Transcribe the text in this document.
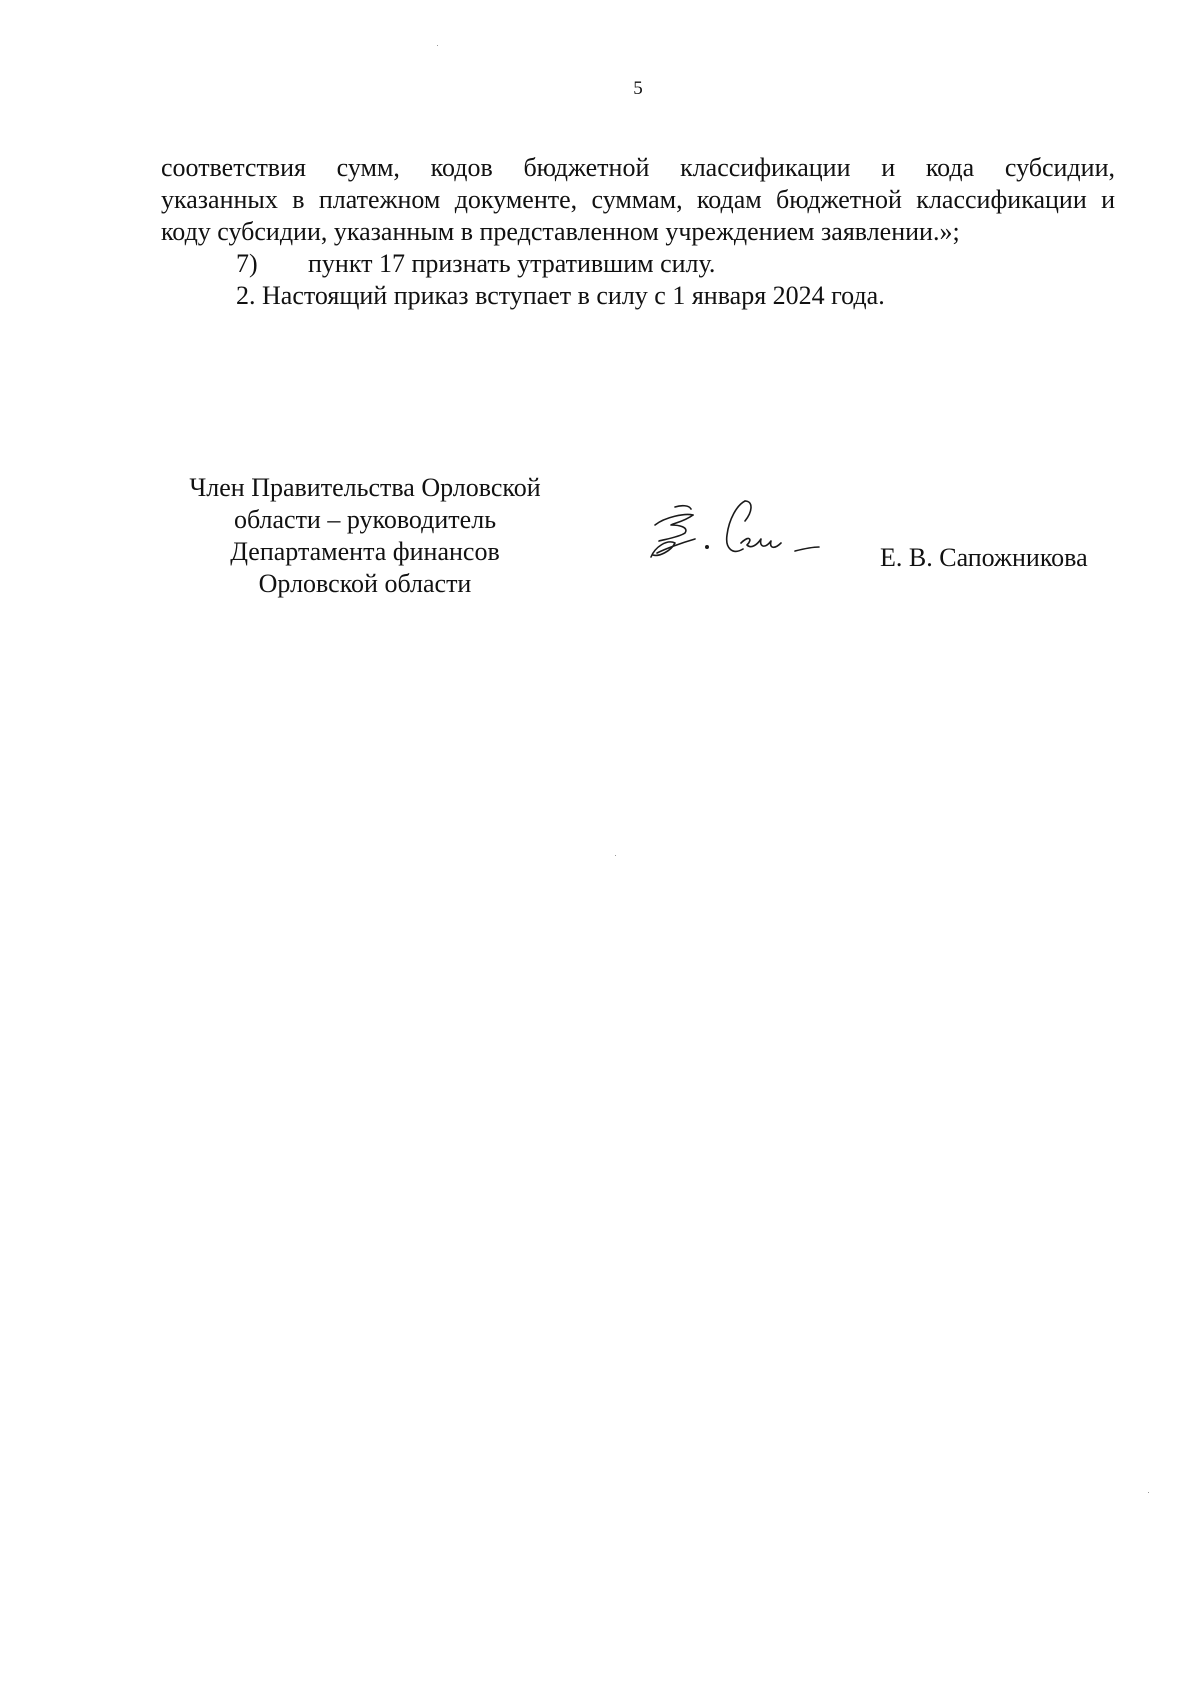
5

соответствия сумм, кодов бюджетной классификации и кода субсидии,
указанных в платежном документе, суммам, кодам бюджетной классификации и
коду субсидии, указанным в представленном учреждением заявлении.»;

7)	пункт 17 признать утратившим силу.

2. Настоящий приказ вступает в силу с 1 января 2024 года.

Член Правительства Орловской
области – руководитель
Департамента финансов
Орловской области
Е. В. Сапожникова
